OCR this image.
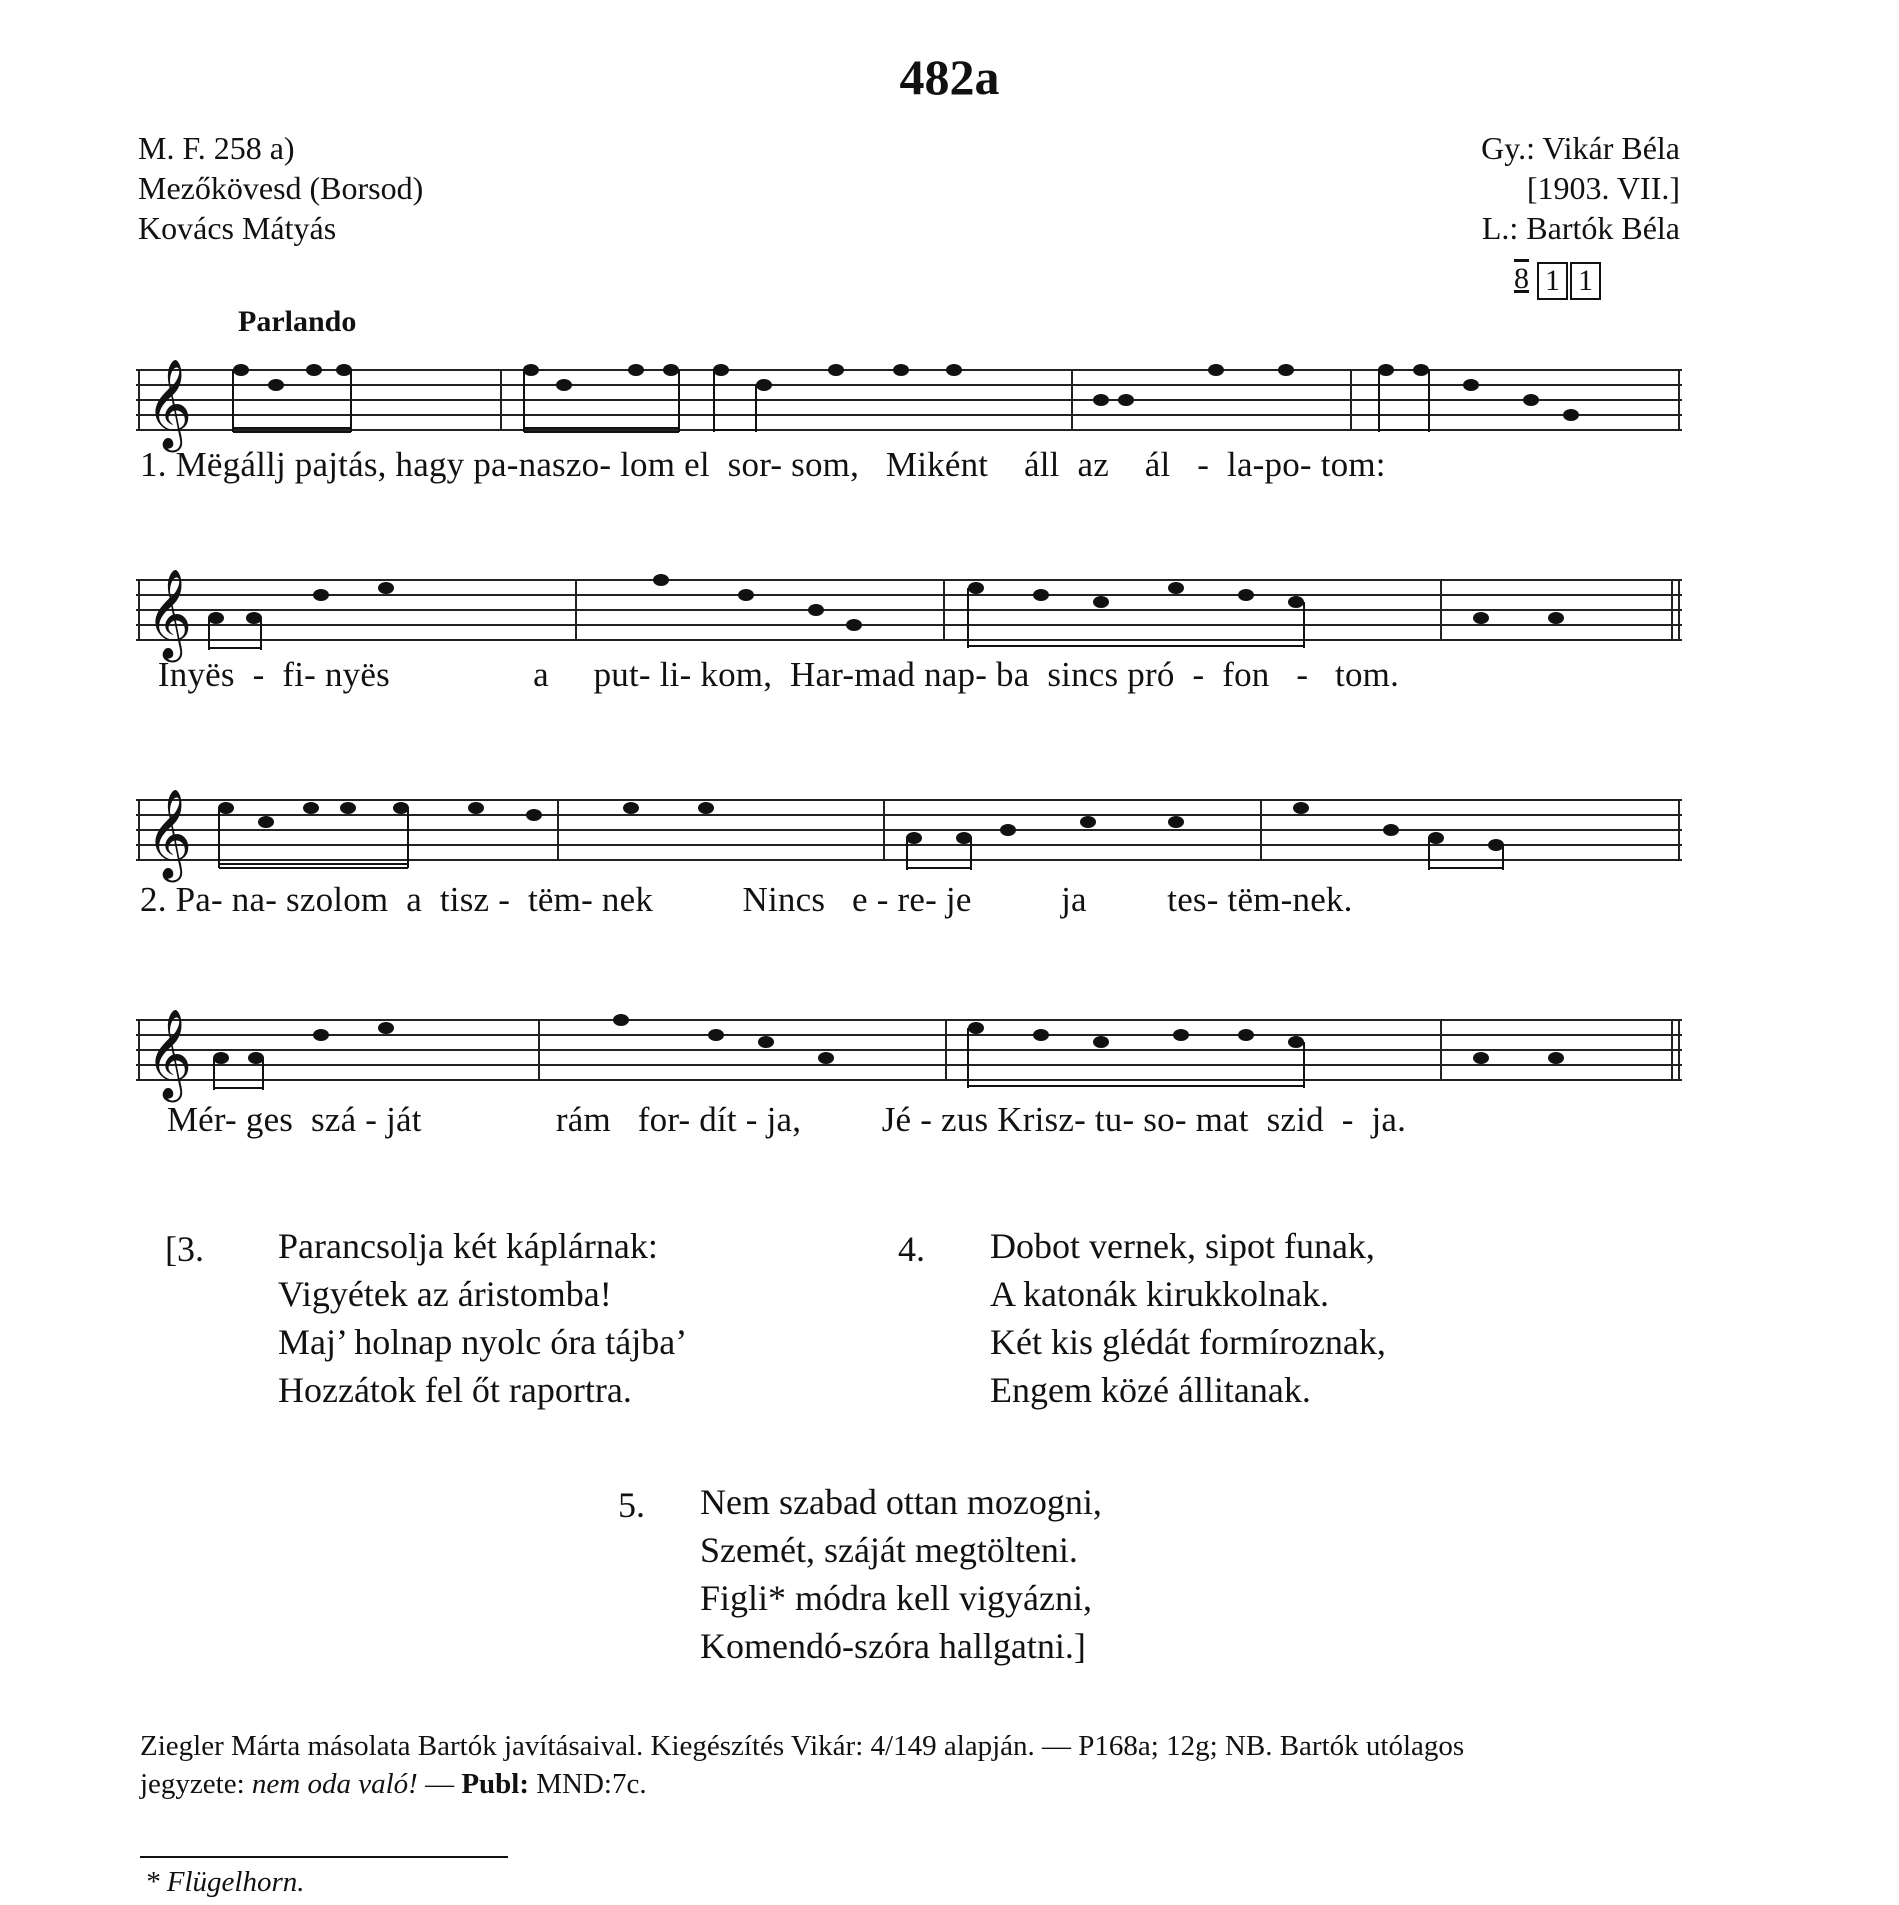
482a
M. F. 258 a)
Mezőkövesd (Borsod)
Kovács Mátyás
Gy.: Vikár Béla
[1903. VII.]
L.: Bartók Béla
8 1 1
Parlando
𝄞
1. Mëgállj pajtás, hagy pa-naszo- lom el  sor- som,   Miként    áll  az    ál   -  la-po- tom:
𝄞
Inyës  -  fi- nyës                a     put- li- kom,  Har-mad nap- ba  sincs pró  -  fon   -   tom.
𝄞
2. Pa- na- szolom  a  tisz -  tëm- nek          Nincs   e - re- je          ja         tes- tëm-nek.
𝄞
Mér- ges  szá - ját               rám   for- dít - ja,         Jé - zus Krisz- tu- so- mat  szid  -  ja.
[3. Parancsolja két káplárnak:
Vigyétek az áristomba!
Maj’ holnap nyolc óra tájba’
Hozzátok fel őt raportra.
4. Dobot vernek, sipot funak,
A katonák kirukkolnak.
Két kis glédát formíroznak,
Engem közé állitanak.
5. Nem szabad ottan mozogni,
Szemét, száját megtölteni.
Figli* módra kell vigyázni,
Komendó-szóra hallgatni.]
Ziegler Márta másolata Bartók javításaival. Kiegészítés Vikár: 4/149 alapján. — P168a; 12g; NB. Bartók utólagos
jegyzete: nem oda való! — Publ: MND:7c.
* Flügelhorn.
